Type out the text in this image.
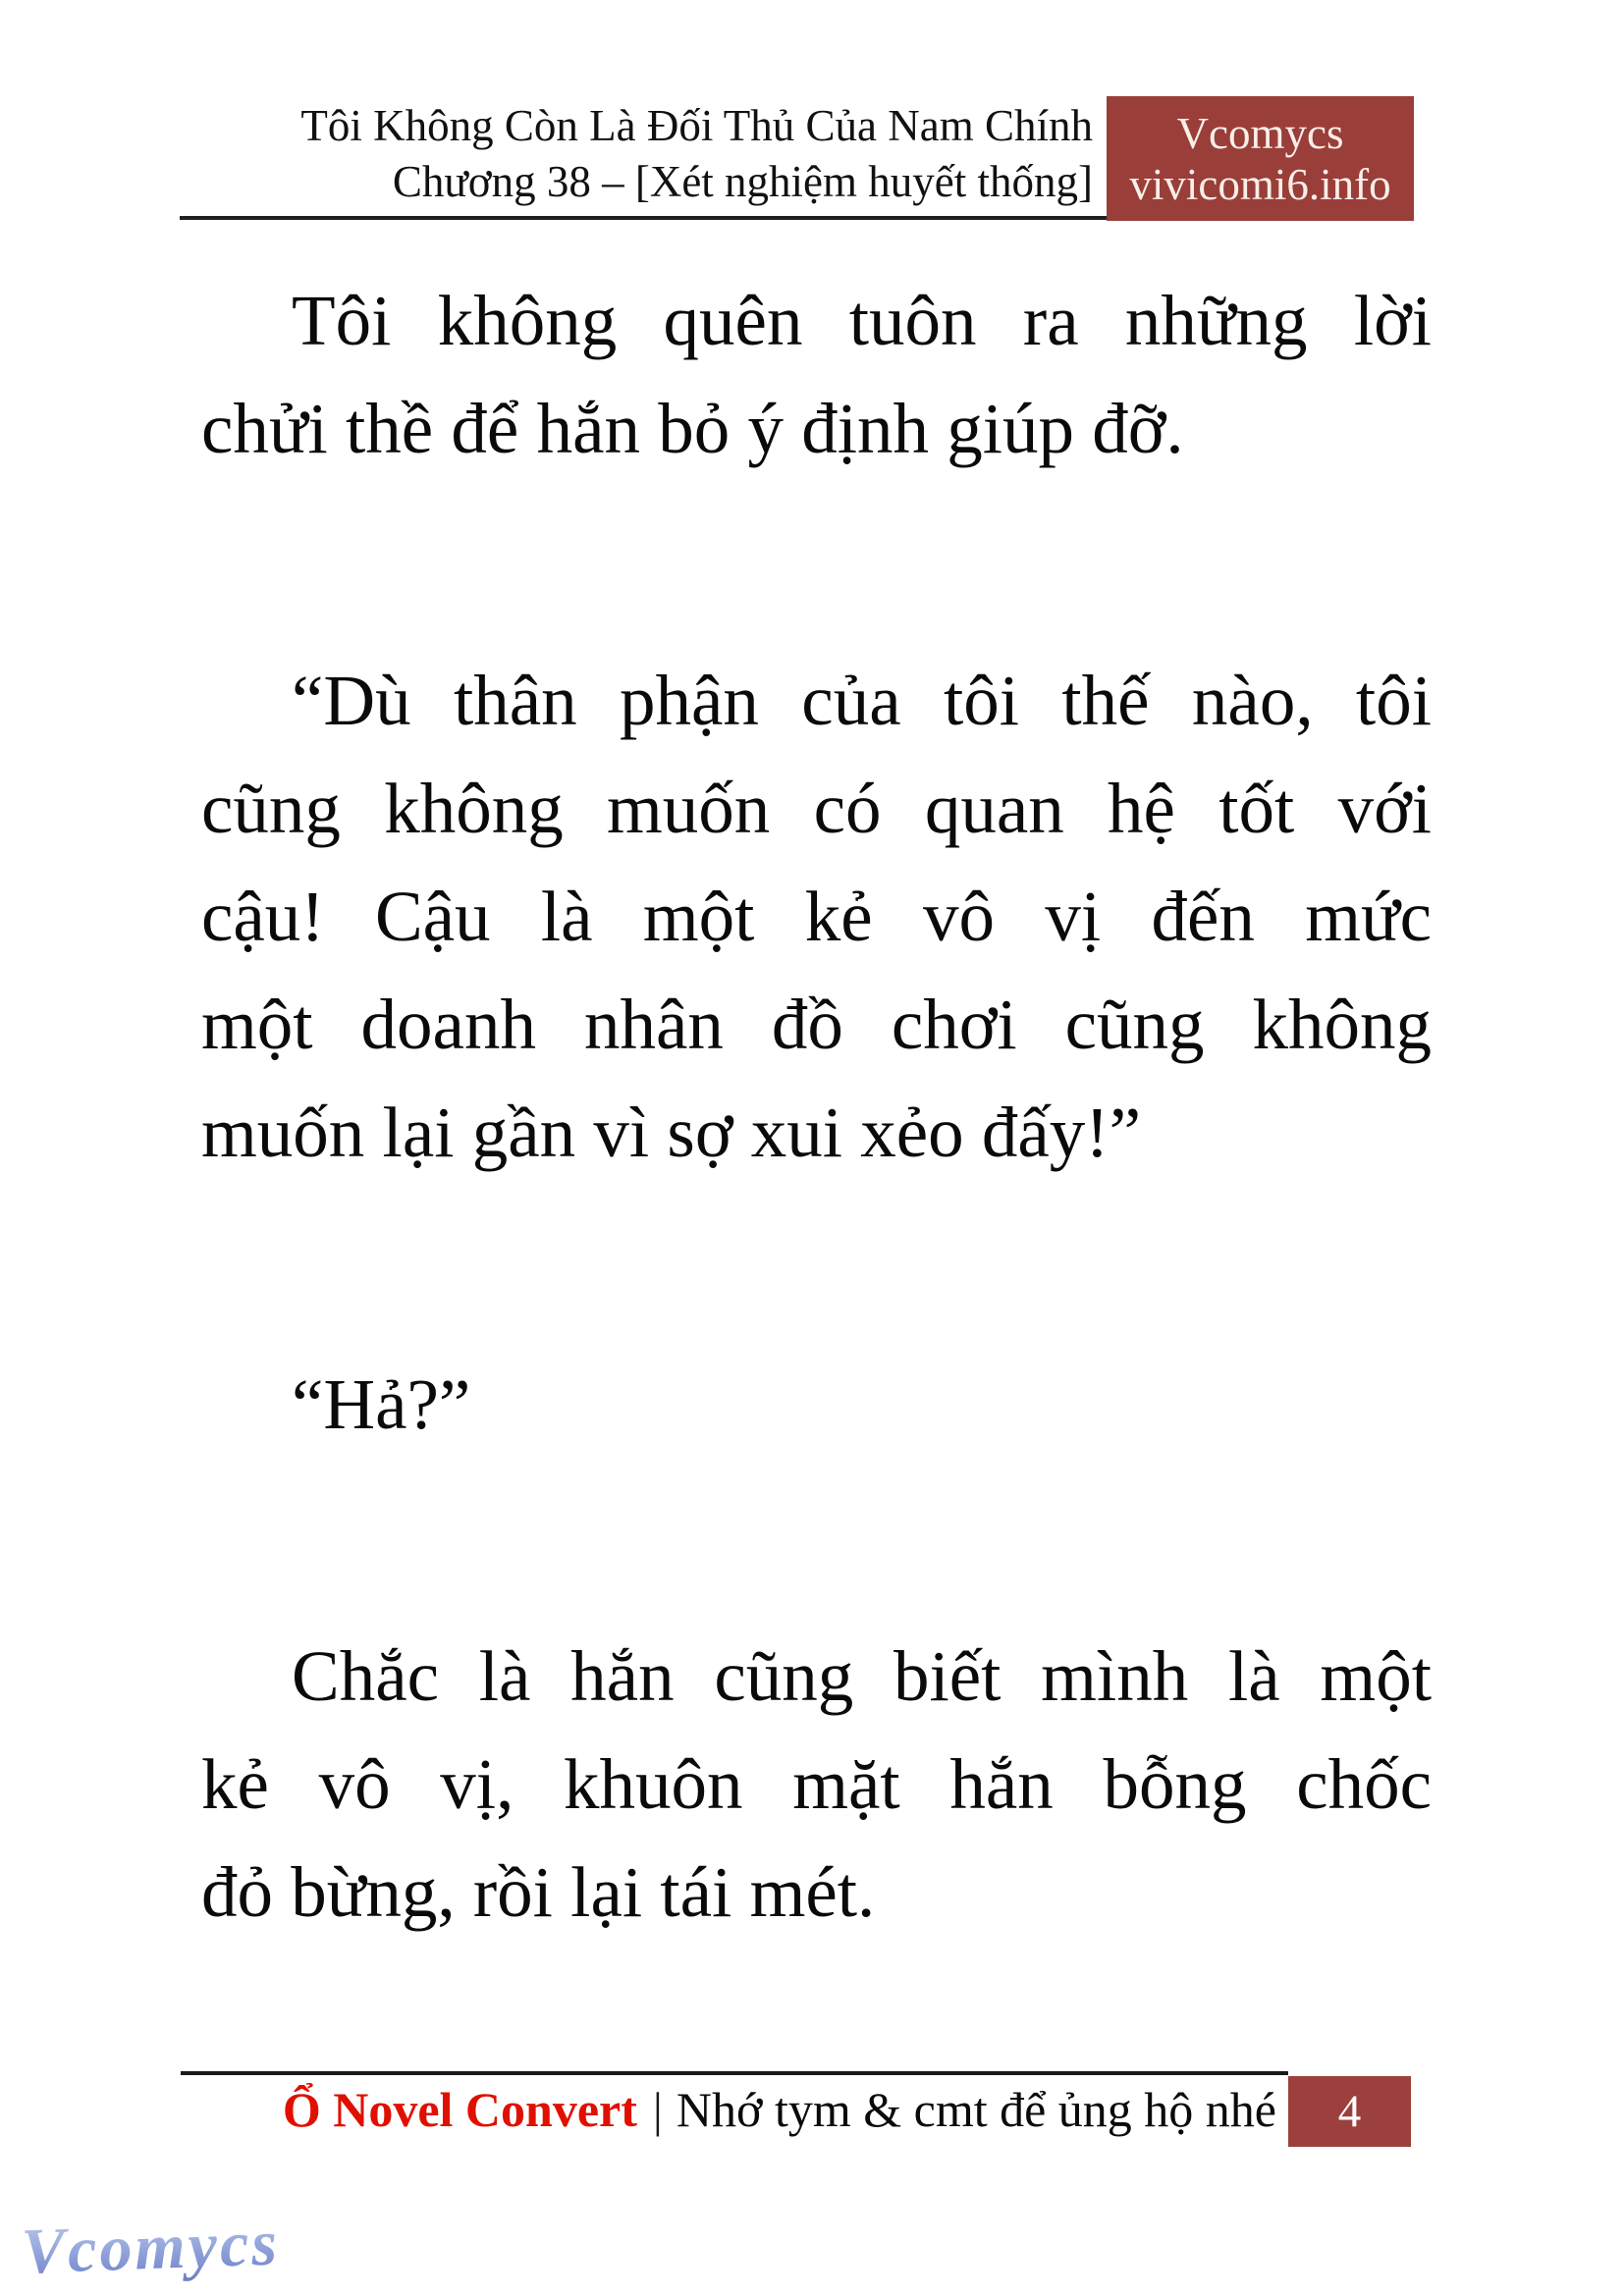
Tôi Không Còn Là Đối Thủ Của Nam Chính
Chương 38 – [Xét nghiệm huyết thống]
Vcomycs
vivicomi6.info
Tôi không quên tuôn ra những lời
chửi thề để hắn bỏ ý định giúp đỡ.
“Dù thân phận của tôi thế nào, tôi
cũng không muốn có quan hệ tốt với
cậu! Cậu là một kẻ vô vị đến mức
một doanh nhân đồ chơi cũng không
muốn lại gần vì sợ xui xẻo đấy!”
“Hả?”
Chắc là hắn cũng biết mình là một
kẻ vô vị, khuôn mặt hắn bỗng chốc
đỏ bừng, rồi lại tái mét.
Ổ Novel Convert | Nhớ tym & cmt để ủng hộ nhé 4
Vcomycs
